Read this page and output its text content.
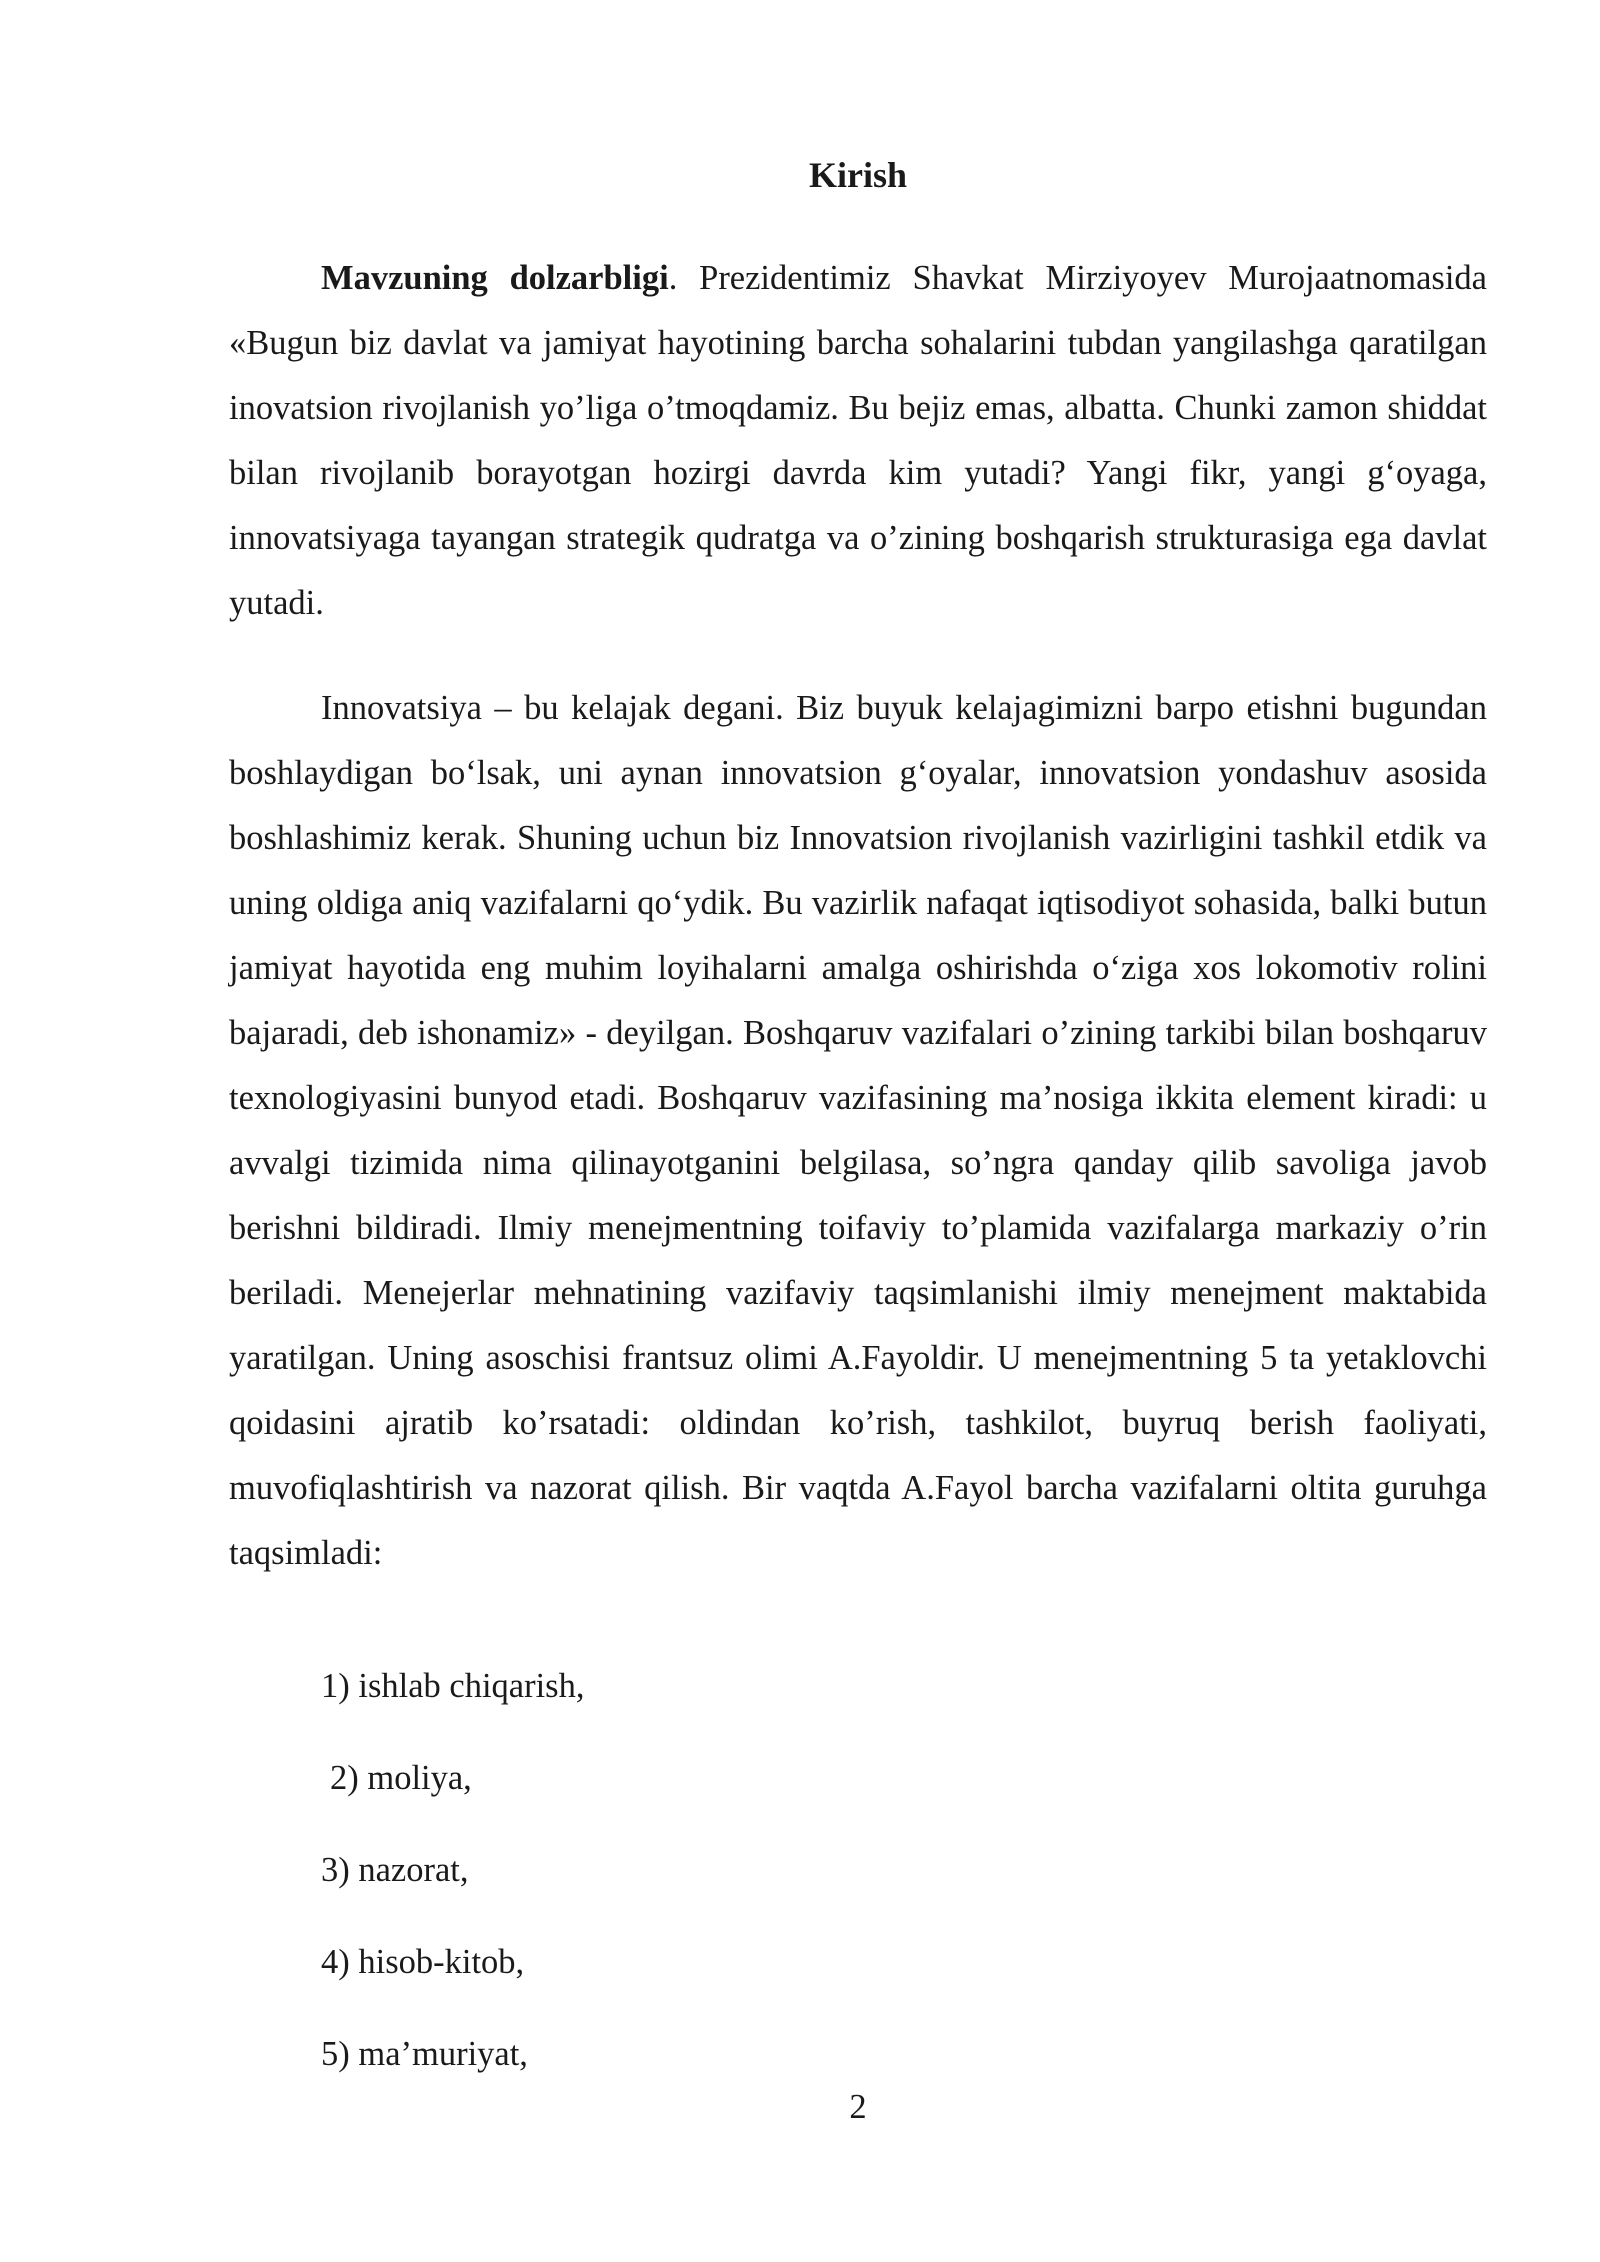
Kirish

Mavzuning dolzarbligi. Prezidentimiz Shavkat Mirziyoyev Murojaatnomasida «Bugun biz davlat va jamiyat hayotining barcha sohalarini tubdan yangilashga qaratilgan inovatsion rivojlanish yo’liga o’tmoqdamiz. Bu bejiz emas, albatta. Chunki zamon shiddat bilan rivojlanib borayotgan hozirgi davrda kim yutadi? Yangi fikr, yangi g‘oyaga, innovatsiyaga tayangan strategik qudratga va o’zining boshqarish strukturasiga ega davlat yutadi.

Innovatsiya – bu kelajak degani. Biz buyuk kelajagimizni barpo etishni bugundan boshlaydigan bo‘lsak, uni aynan innovatsion g‘oyalar, innovatsion yondashuv asosida boshlashimiz kerak. Shuning uchun biz Innovatsion rivojlanish vazirligini tashkil etdik va uning oldiga aniq vazifalarni qo‘ydik. Bu vazirlik nafaqat iqtisodiyot sohasida, balki butun jamiyat hayotida eng muhim loyihalarni amalga oshirishda o‘ziga xos lokomotiv rolini bajaradi, deb ishonamiz» - deyilgan. Boshqaruv vazifalari o’zining tarkibi bilan boshqaruv texnologiyasini bunyod etadi. Boshqaruv vazifasining ma’nosiga ikkita element kiradi: u avvalgi tizimida nima qilinayotganini belgilasa, so’ngra qanday qilib savoliga javob berishni bildiradi. Ilmiy menejmentning toifaviy to’plamida vazifalarga markaziy o’rin beriladi. Menejerlar mehnatining vazifaviy taqsimlanishi ilmiy menejment maktabida yaratilgan. Uning asoschisi frantsuz olimi A.Fayoldir. U menejmentning 5 ta yetaklovchi qoidasini ajratib ko’rsatadi: oldindan ko’rish, tashkilot, buyruq berish faoliyati, muvofiqlashtirish va nazorat qilish. Bir vaqtda A.Fayol barcha vazifalarni oltita guruhga taqsimladi:

1) ishlab chiqarish,

2) moliya,

3) nazorat,

4) hisob-kitob,

5) ma’muriyat,

2
